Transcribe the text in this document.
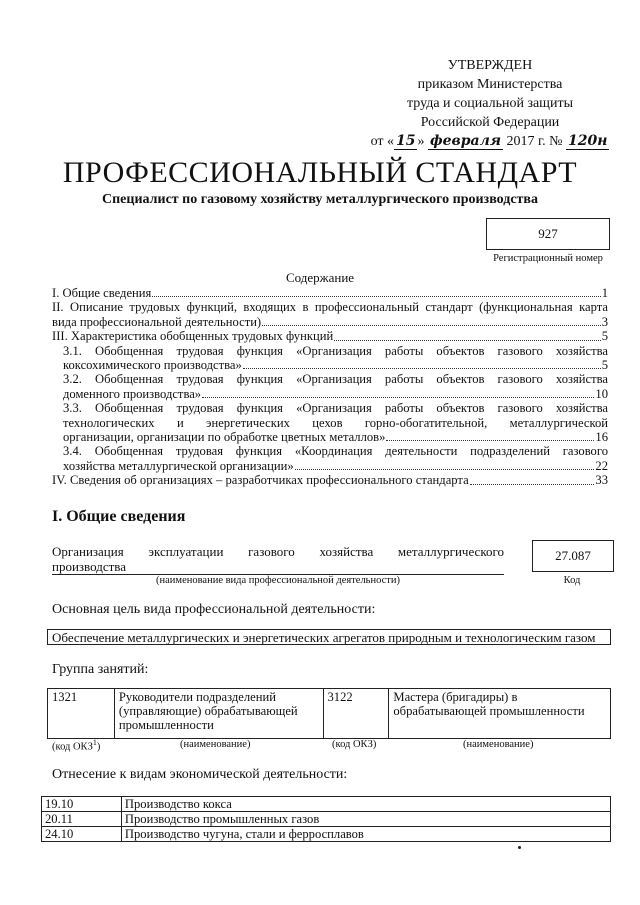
УТВЕРЖДЕН
приказом Министерства
труда и социальной защиты
Российской Федерации
от « 15 » февраля 2017 г. № 120н
ПРОФЕССИОНАЛЬНЫЙ СТАНДАРТ
Специалист по газовому хозяйству металлургического производства
927
Регистрационный номер
Содержание
I. Общие сведения	1
II. Описание трудовых функций, входящих в профессиональный стандарт (функциональная карта
вида профессиональной деятельности)	3
III. Характеристика обобщенных трудовых функций	5
3.1. Обобщенная трудовая функция «Организация работы объектов газового хозяйства
коксохимического производства»	5
3.2. Обобщенная трудовая функция «Организация работы объектов газового хозяйства
доменного производства»	10
3.3. Обобщенная трудовая функция «Организация работы объектов газового хозяйства
технологических и энергетических цехов горно-обогатительной, металлургической
организации, организации по обработке цветных металлов»	16
3.4. Обобщенная трудовая функция «Координация деятельности подразделений газового
хозяйства металлургической организации»	22
IV. Сведения об организациях – разработчиках профессионального стандарта	33
I. Общие сведения
Организация эксплуатации газового хозяйства металлургического
производства
(наименование вида профессиональной деятельности)
27.087
Код
Основная цель вида профессиональной деятельности:
Обеспечение металлургических и энергетических агрегатов природным и технологическим газом
Группа занятий:
1321	Руководители подразделений (управляющие) обрабатывающей промышленности	3122	Мастера (бригадиры) в обрабатывающей промышленности
(код ОКЗ$^1$)	(наименование)	(код ОКЗ)	(наименование)
Отнесение к видам экономической деятельности:
19.10	Производство кокса
20.11	Производство промышленных газов
24.10	Производство чугуна, стали и ферросплавов
